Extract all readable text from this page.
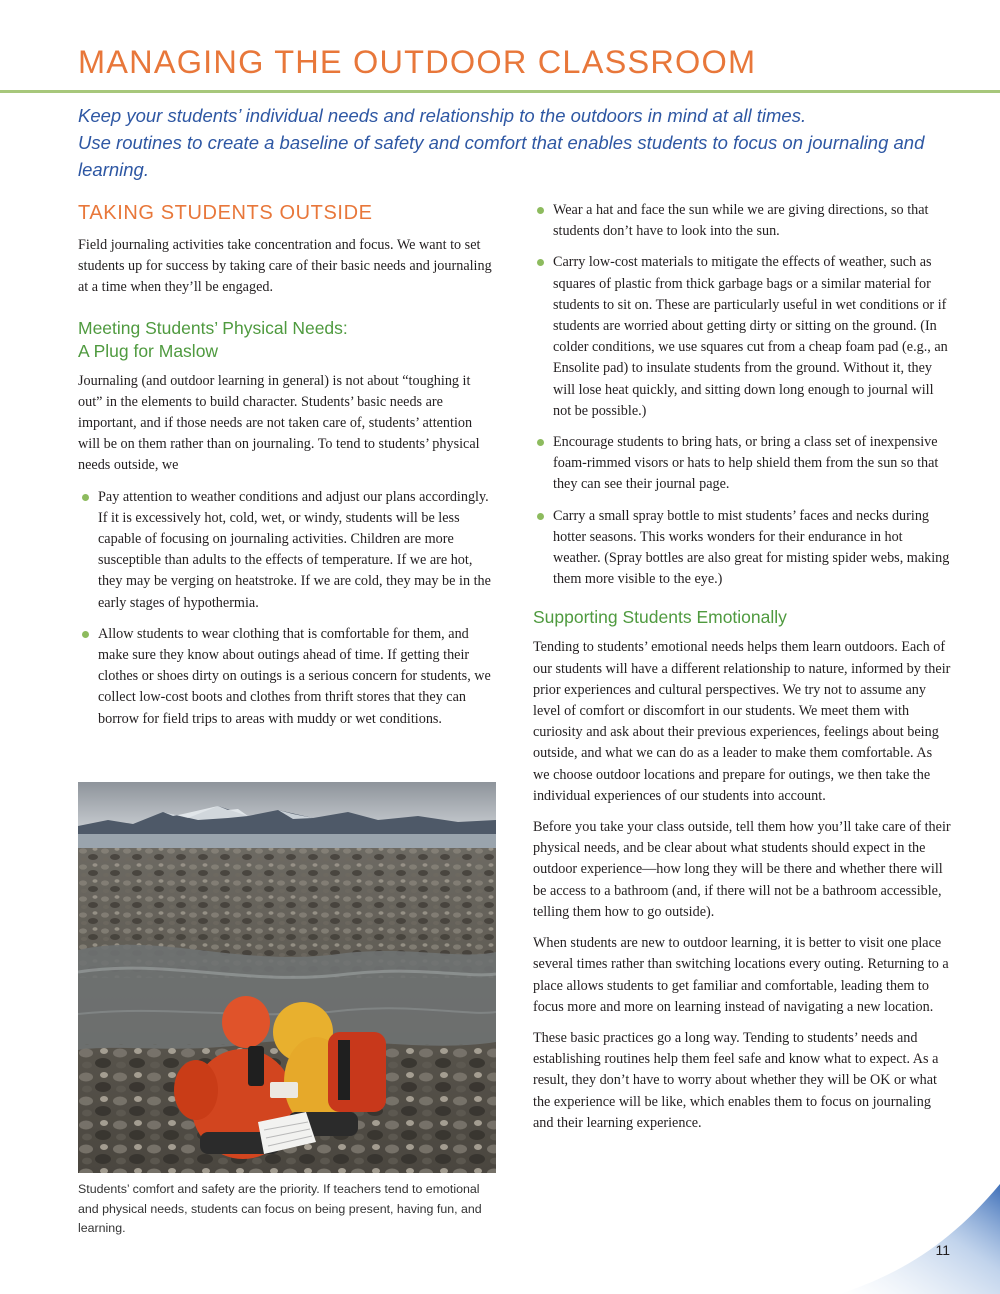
MANAGING THE OUTDOOR CLASSROOM

Keep your students’ individual needs and relationship to the outdoors in mind at all times.

Use routines to create a baseline of safety and comfort that enables students to focus on journaling and learning.

TAKING STUDENTS OUTSIDE

Field journaling activities take concentration and focus. We want to set students up for success by taking care of their basic needs and journaling at a time when they’ll be engaged.

Meeting Students’ Physical Needs:
A Plug for Maslow

Journaling (and outdoor learning in general) is not about “toughing it out” in the elements to build character. Students’ basic needs are important, and if those needs are not taken care of, students’ attention will be on them rather than on journaling. To tend to students’ physical needs outside, we

Pay attention to weather conditions and adjust our plans accordingly. If it is excessively hot, cold, wet, or windy, students will be less capable of focusing on journaling activities. Children are more susceptible than adults to the effects of temperature. If we are hot, they may be verging on heatstroke. If we are cold, they may be in the early stages of hypothermia.
Allow students to wear clothing that is comfortable for them, and make sure they know about outings ahead of time. If getting their clothes or shoes dirty on outings is a serious concern for students, we collect low-cost boots and clothes from thrift stores that they can borrow for field trips to areas with muddy or wet conditions.

Students’ comfort and safety are the priority. If teachers tend to emotional and physical needs, students can focus on being present, having fun, and learning.

Wear a hat and face the sun while we are giving directions, so that students don’t have to look into the sun.
Carry low-cost materials to mitigate the effects of weather, such as squares of plastic from thick garbage bags or a similar material for students to sit on. These are particularly useful in wet conditions or if students are worried about getting dirty or sitting on the ground. (In colder conditions, we use squares cut from a cheap foam pad (e.g., an Ensolite pad) to insulate students from the ground. Without it, they will lose heat quickly, and sitting down long enough to journal will not be possible.)
Encourage students to bring hats, or bring a class set of inexpensive foam-rimmed visors or hats to help shield them from the sun so that they can see their journal page.
Carry a small spray bottle to mist students’ faces and necks during hotter seasons. This works wonders for their endurance in hot weather. (Spray bottles are also great for misting spider webs, making them more visible to the eye.)
Supporting Students Emotionally

Tending to students’ emotional needs helps them learn outdoors. Each of our students will have a different relationship to nature, informed by their prior experiences and cultural perspectives. We try not to assume any level of comfort or discomfort in our students. We meet them with curiosity and ask about their previous experiences, feelings about being outside, and what we can do as a leader to make them comfortable. As we choose outdoor locations and prepare for outings, we then take the individual experiences of our students into account.

Before you take your class outside, tell them how you’ll take care of their physical needs, and be clear about what students should expect in the outdoor experience—how long they will be there and whether there will be access to a bathroom (and, if there will not be a bathroom accessible, telling them how to go outside).

When students are new to outdoor learning, it is better to visit one place several times rather than switching locations every outing. Returning to a place allows students to get familiar and comfortable, leading them to focus more and more on learning instead of navigating a new location.

These basic practices go a long way. Tending to students’ needs and establishing routines help them feel safe and know what to expect. As a result, they don’t have to worry about whether they will be OK or what the experience will be like, which enables them to focus on journaling and their learning experience.

11
